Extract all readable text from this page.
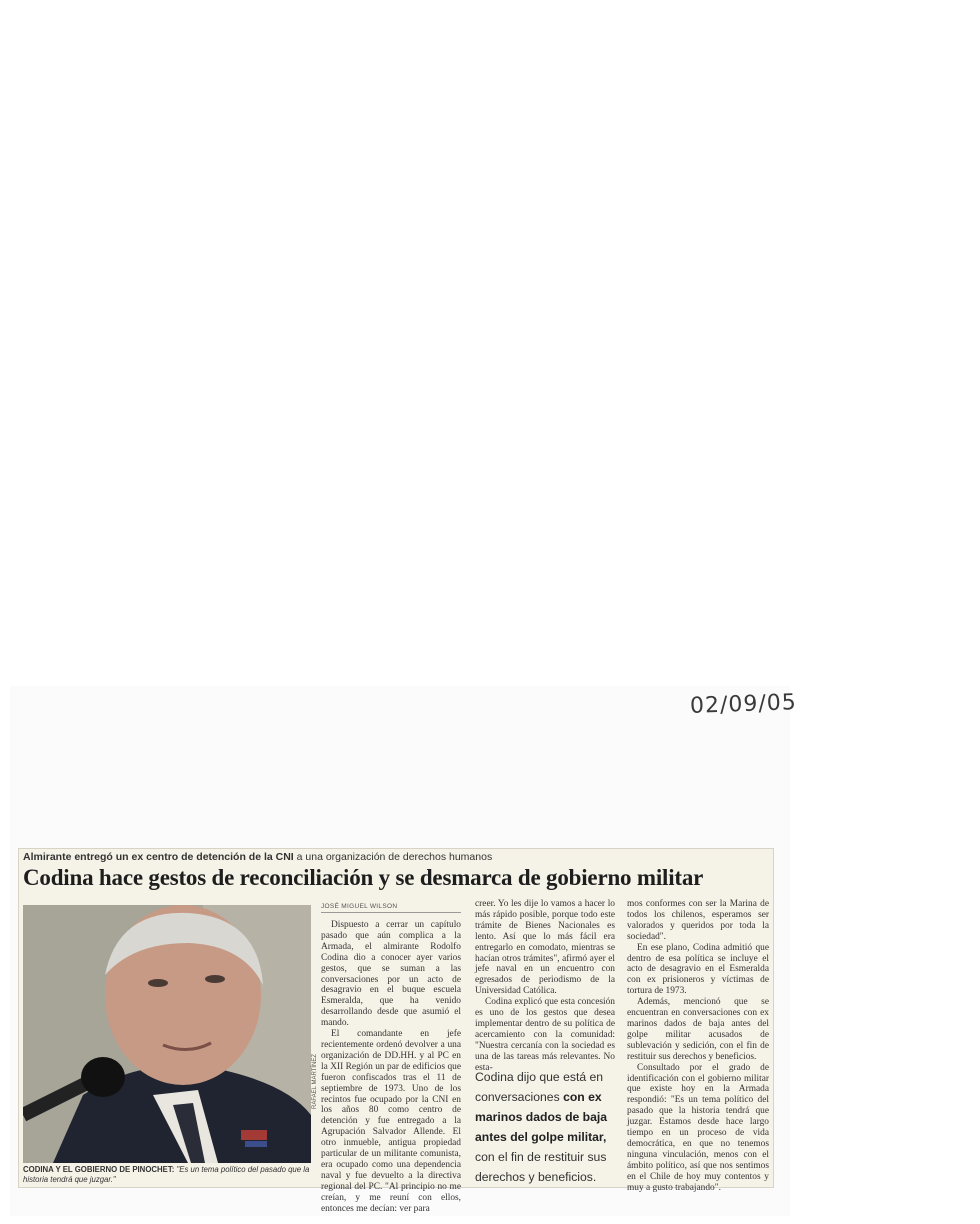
02/09/05
Almirante entregó un ex centro de detención de la CNI a una organización de derechos humanos
Codina hace gestos de reconciliación y se desmarca de gobierno militar
RAFAEL MARTÍNEZ
CODINA Y EL GOBIERNO DE PINOCHET: "Es un tema político del pasado que la historia tendrá que juzgar."
JOSÉ MIGUEL WILSON

Dispuesto a cerrar un capítulo pasado que aún complica a la Armada, el almirante Rodolfo Codina dio a conocer ayer varios gestos, que se suman a las conversaciones por un acto de desagravio en el buque escuela Esmeralda, que ha venido desarrollando desde que asumió el mando.

El comandante en jefe recientemente ordenó devolver a una organización de DD.HH. y al PC en la XII Región un par de edificios que fueron confiscados tras el 11 de septiembre de 1973. Uno de los recintos fue ocupado por la CNI en los años 80 como centro de detención y fue entregado a la Agrupación Salvador Allende. El otro inmueble, antigua propiedad particular de un militante comunista, era ocupado como una dependencia naval y fue devuelto a la directiva regional del PC. "Al principio no me creían, y me reuní con ellos, entonces me decían: ver para

creer. Yo les dije lo vamos a hacer lo más rápido posible, porque todo este trámite de Bienes Nacionales es lento. Así que lo más fácil era entregarlo en comodato, mientras se hacían otros trámites", afirmó ayer el jefe naval en un encuentro con egresados de periodismo de la Universidad Católica.

Codina explicó que esta concesión es uno de los gestos que desea implementar dentro de su política de acercamiento con la comunidad: "Nuestra cercanía con la sociedad es una de las tareas más relevantes. No esta-

Codina dijo que está en conversaciones con ex marinos dados de baja antes del golpe militar, con el fin de restituir sus derechos y beneficios.

mos conformes con ser la Marina de todos los chilenos, esperamos ser valorados y queridos por toda la sociedad".

En ese plano, Codina admitió que dentro de esa política se incluye el acto de desagravio en el Esmeralda con ex prisioneros y víctimas de tortura de 1973.

Además, mencionó que se encuentran en conversaciones con ex marinos dados de baja antes del golpe militar acusados de sublevación y sedición, con el fin de restituir sus derechos y beneficios.

Consultado por el grado de identificación con el gobierno militar que existe hoy en la Armada respondió: "Es un tema político del pasado que la historia tendrá que juzgar. Estamos desde hace largo tiempo en un proceso de vida democrática, en que no tenemos ninguna vinculación, menos con el ámbito político, así que nos sentimos en el Chile de hoy muy contentos y muy a gusto trabajando".
